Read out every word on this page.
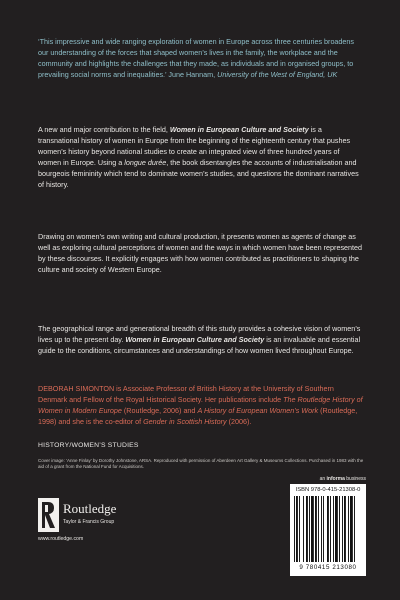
‘This impressive and wide ranging exploration of women in Europe across three centuries broadens our understanding of the forces that shaped women’s lives in the family, the workplace and the community and highlights the challenges that they made, as individuals and in organised groups, to prevailing social norms and inequalities.’ June Hannam, University of the West of England, UK

A new and major contribution to the field, Women in European Culture and Society is a transnational history of women in Europe from the beginning of the eighteenth century that pushes women’s history beyond national studies to create an integrated view of three hundred years of women in Europe. Using a longue durée, the book disentangles the accounts of industrialisation and bourgeois femininity which tend to dominate women’s studies, and questions the dominant narratives of history.

Drawing on women’s own writing and cultural production, it presents women as agents of change as well as exploring cultural perceptions of women and the ways in which women have been represented by these discourses. It explicitly engages with how women contributed as practitioners to shaping the culture and society of Western Europe.

The geographical range and generational breadth of this study provides a cohesive vision of women’s lives up to the present day. Women in European Culture and Society is an invaluable and essential guide to the conditions, circumstances and understandings of how women lived throughout Europe.

DEBORAH SIMONTON is Associate Professor of British History at the University of Southern Denmark and Fellow of the Royal Historical Society. Her publications include The Routledge History of Women in Modern Europe (Routledge, 2006) and A History of European Women’s Work (Routledge, 1998) and she is the co-editor of Gender in Scottish History (2006).

HISTORY/WOMEN’S STUDIES
Cover image: ‘Anne Finlay’ by Dorothy Johnstone, ARSA. Reproduced with permission of Aberdeen Art Gallery & Museums Collections. Purchased in 1983 with the aid of a grant from the National Fund for Acquisitions.
Routledge
Taylor & Francis Group
www.routledge.com
an informa business
ISBN 978-0-415-21308-0
9 780415 213080
